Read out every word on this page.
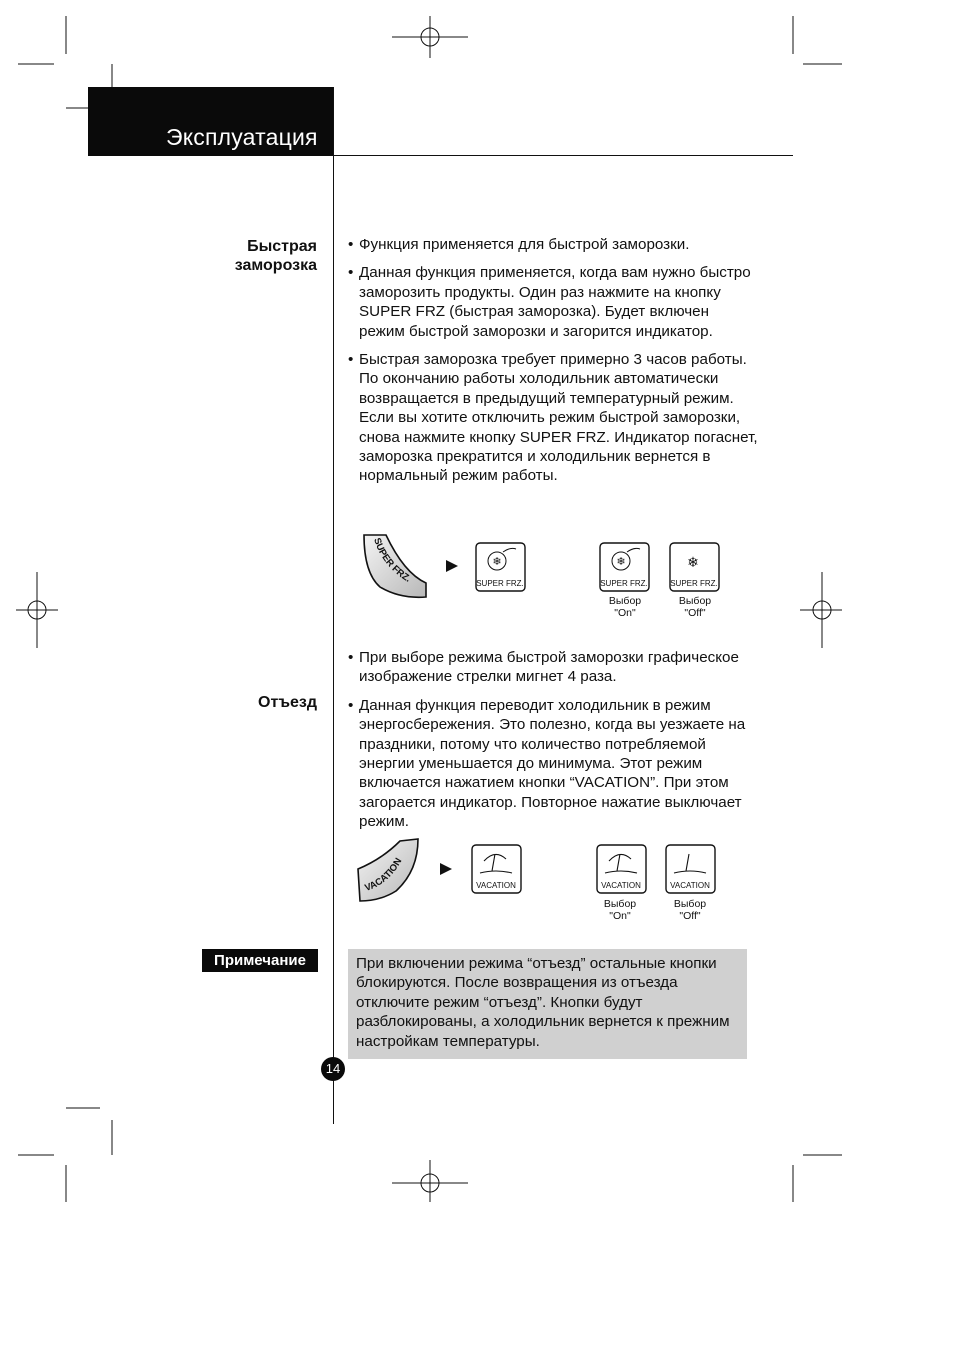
Эксплуатация
Быстрая
заморозка
Отъезд
• Функция применяется для быстрой заморозки.
• Данная функция применяется, когда вам нужно быстро заморозить продукты. Один раз нажмите на кнопку SUPER FRZ (быстрая заморозка). Будет включен режим быстрой заморозки и загорится индикатор.
• Быстрая заморозка требует примерно 3 часов работы. По окончанию работы холодильник автоматически возвращается в предыдущий температурный режим. Если вы хотите отключить режим быстрой заморозки, снова нажмите кнопку SUPER FRZ. Индикатор погаснет, заморозка прекратится и холодильник вернется в нормальный режим работы.
SUPER FRZ.
❄
SUPER FRZ.
❄
SUPER FRZ.
❄
SUPER FRZ.
Выбор
"On"
Выбор
"Off"
• При выборе режима быстрой заморозки графическое изображение стрелки мигнет 4 раза.
• Данная функция переводит холодильник в режим энергосбережения. Это полезно, когда вы уезжаете на праздники, потому что количество потребляемой энергии уменьшается до минимума. Этот режим включается нажатием кнопки “VACATION”. При этом загорается индикатор. Повторное нажатие выключает режим.
VACATION
VACATION	VACATION	VACATION
Выбор
"On"
Выбор
"Off"
Примечание	При включении режима “отъезд” остальные кнопки блокируются. После возвращения из отъезда отключите режим “отъезд”. Кнопки будут разблокированы, а холодильник вернется к прежним настройкам температуры.
14
